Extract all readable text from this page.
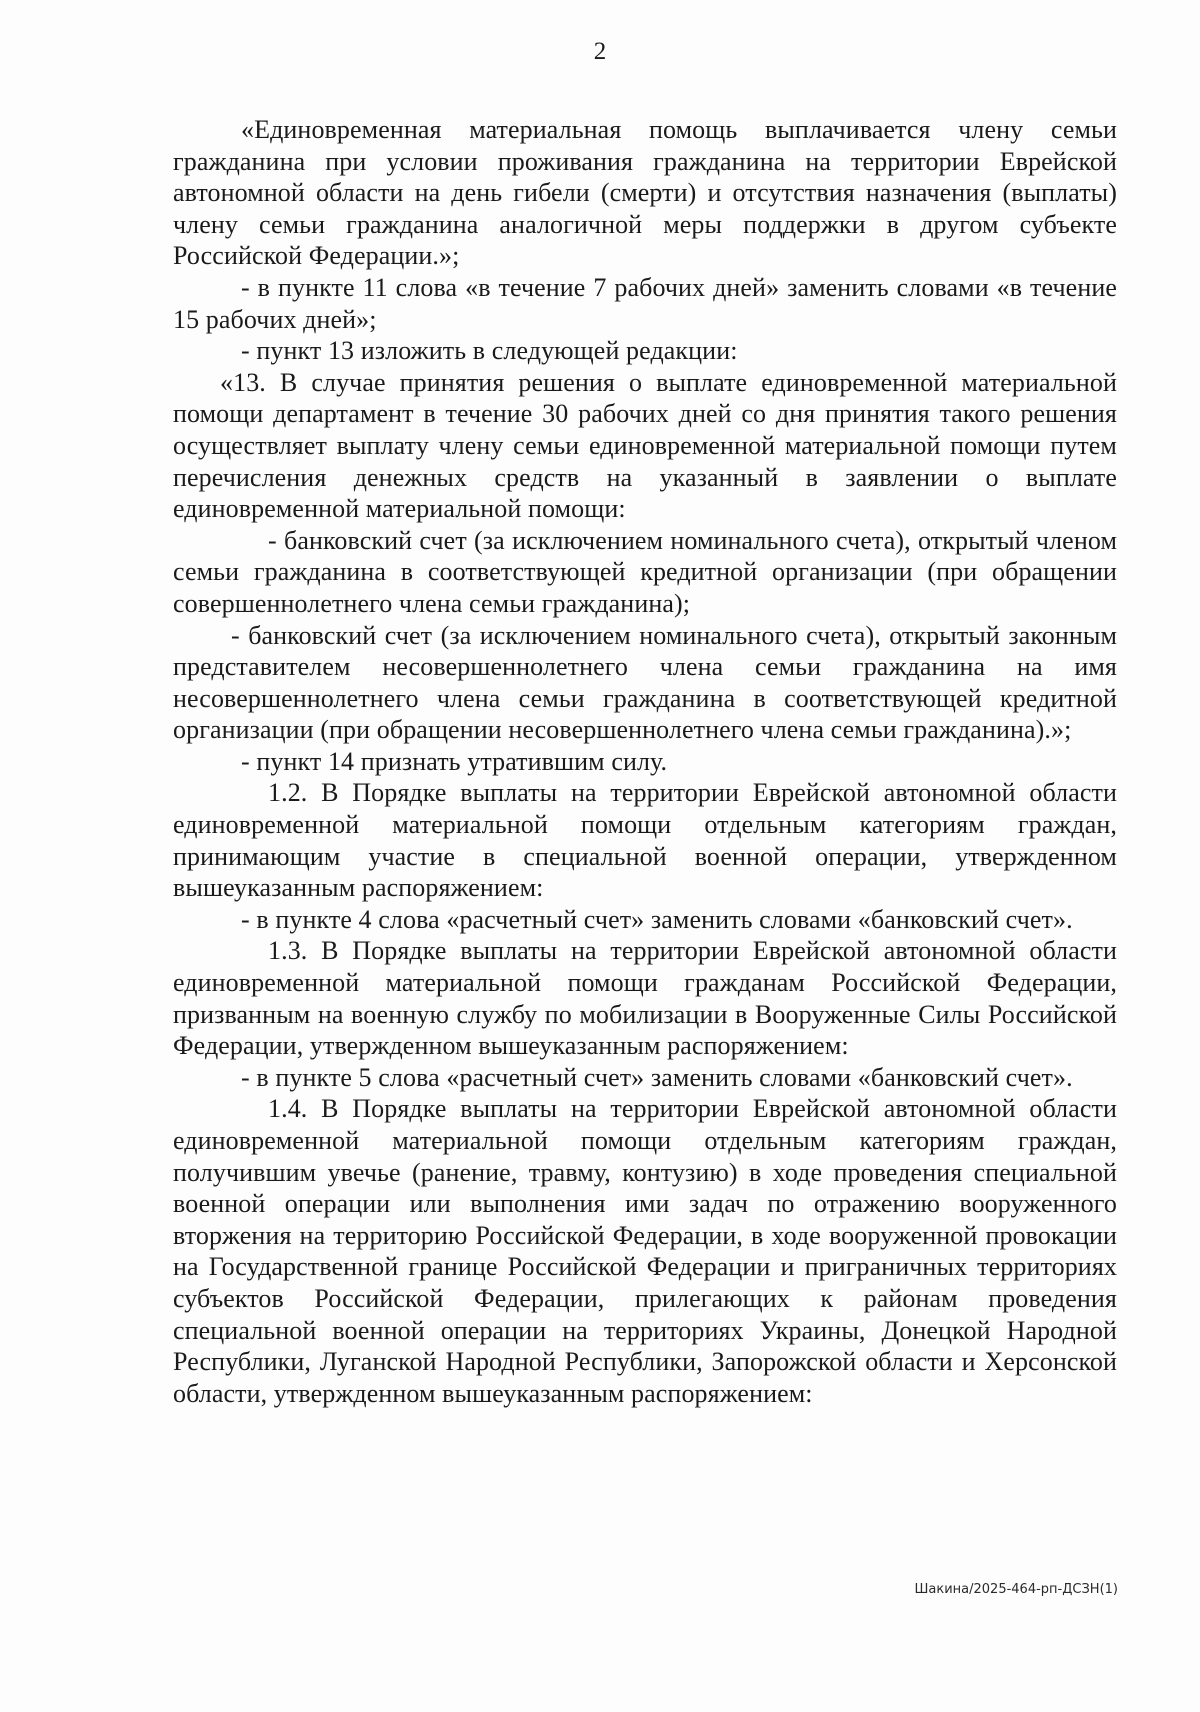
2

«Единовременная материальная помощь выплачивается члену семьи гражданина при условии проживания гражданина на территории Еврейской автономной области на день гибели (смерти) и отсутствия назначения (выплаты) члену семьи гражданина аналогичной меры поддержки в другом субъекте Российской Федерации.»;

- в пункте 11 слова «в течение 7 рабочих дней» заменить словами «в течение 15 рабочих дней»;

- пункт 13 изложить в следующей редакции:

«13. В случае принятия решения о выплате единовременной материальной помощи департамент в течение 30 рабочих дней со дня принятия такого решения осуществляет выплату члену семьи единовременной материальной помощи путем перечисления денежных средств на указанный в заявлении о выплате единовременной материальной помощи:

- банковский счет (за исключением номинального счета), открытый членом семьи гражданина в соответствующей кредитной организации (при обращении совершеннолетнего члена семьи гражданина);

- банковский счет (за исключением номинального счета), открытый законным представителем несовершеннолетнего члена семьи гражданина на имя несовершеннолетнего члена семьи гражданина в соответствующей кредитной организации (при обращении несовершеннолетнего члена семьи гражданина).»;

- пункт 14 признать утратившим силу.

1.2. В Порядке выплаты на территории Еврейской автономной области единовременной материальной помощи отдельным категориям граждан, принимающим участие в специальной военной операции, утвержденном вышеуказанным распоряжением:

- в пункте 4 слова «расчетный счет» заменить словами «банковский счет».

1.3. В Порядке выплаты на территории Еврейской автономной области единовременной материальной помощи гражданам Российской Федерации, призванным на военную службу по мобилизации в Вооруженные Силы Российской Федерации, утвержденном вышеуказанным распоряжением:

- в пункте 5 слова «расчетный счет» заменить словами «банковский счет».

1.4. В Порядке выплаты на территории Еврейской автономной области единовременной материальной помощи отдельным категориям граждан, получившим увечье (ранение, травму, контузию) в ходе проведения специальной военной операции или выполнения ими задач по отражению вооруженного вторжения на территорию Российской Федерации, в ходе вооруженной провокации на Государственной границе Российской Федерации и приграничных территориях субъектов Российской Федерации, прилегающих к районам проведения специальной военной операции на территориях Украины, Донецкой Народной Республики, Луганской Народной Республики, Запорожской области и Херсонской области, утвержденном вышеуказанным распоряжением:

Шакина/2025-464-рп-ДСЗН(1)
